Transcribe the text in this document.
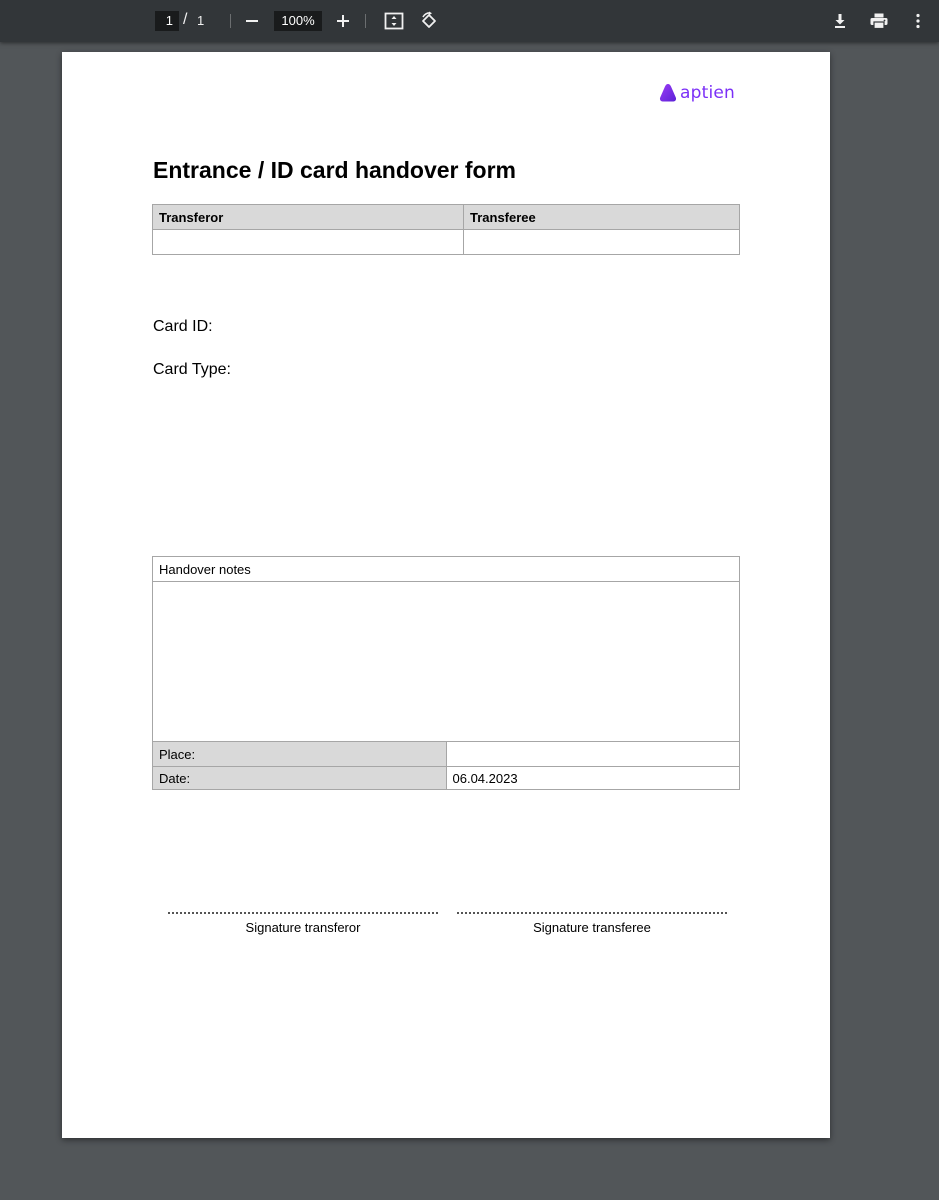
1 / 1	100%
aptien
Entrance / ID card handover form
Transferor	Transferee

Card ID:
Card Type:
Handover notes	

Place:	
Date:	06.04.2023
Signature transferor	Signature transferee
